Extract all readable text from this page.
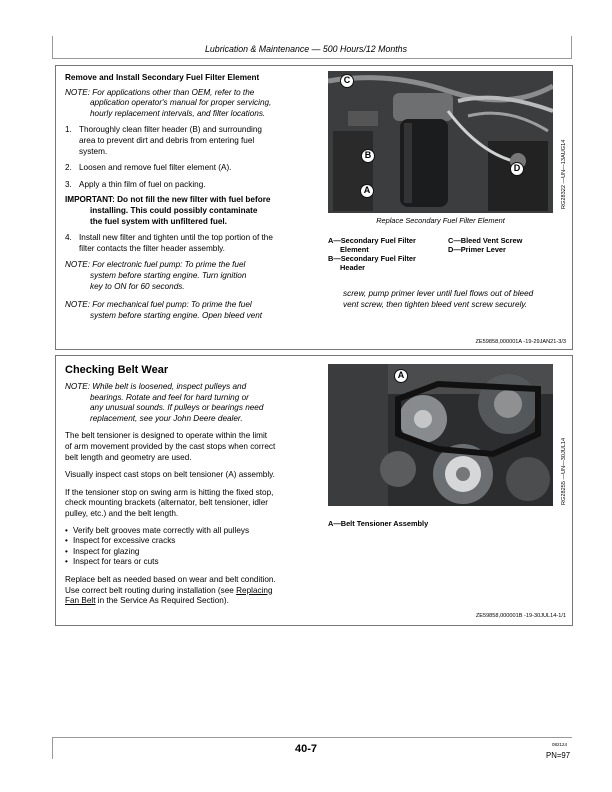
Lubrication & Maintenance — 500 Hours/12 Months

Remove and Install Secondary Fuel Filter Element

NOTE: For applications other than OEM, refer to the

application operator's manual for proper servicing,

hourly replacement intervals, and filter locations.

1. Thoroughly clean filter header (B) and surrounding

area to prevent dirt and debris from entering fuel

system.

2. Loosen and remove fuel filter element (A).

3. Apply a thin film of fuel on packing.

IMPORTANT: Do not fill the new filter with fuel before

installing. This could possibly contaminate

the fuel system with unfiltered fuel.

4. Install new filter and tighten until the top portion of the

filter contacts the filter header assembly.

NOTE: For electronic fuel pump: To prime the fuel

system before starting engine. Turn ignition

key to ON for 60 seconds.

NOTE: For mechanical fuel pump: To prime the fuel

system before starting engine. Open bleed vent

C
B
A
D	RG28322 —UN—13AUG14
Replace Secondary Fuel Filter Element
A—Secondary Fuel Filter
Element
B—Secondary Fuel Filter
Header
C—Bleed Vent Screw
D—Primer Lever

screw, pump primer lever until fuel flows out of bleed

vent screw, then tighten bleed vent screw securely.

ZE59858,000001A -19-29JAN21-3/3

Checking Belt Wear

NOTE: While belt is loosened, inspect pulleys and

bearings. Rotate and feel for hard turning or

any unusual sounds. If pulleys or bearings need

replacement, see your John Deere dealer.

The belt tensioner is designed to operate within the limit

of arm movement provided by the cast stops when correct

belt length and geometry are used.

Visually inspect cast stops on belt tensioner (A) assembly.

If the tensioner stop on swing arm is hitting the fixed stop,

check mounting brackets (alternator, belt tensioner, idler

pulley, etc.) and the belt length.

• Verify belt grooves mate correctly with all pulleys
• Inspect for excessive cracks
• Inspect for glazing
• Inspect for tears or cuts

Replace belt as needed based on wear and belt condition.

Use correct belt routing during installation (see Replacing

Fan Belt in the Service As Required Section).

A
RG28255 —UN—30JUL14
A—Belt Tensioner Assembly
ZE59858,000001B -19-30JUL14-1/1
40-7	082124
PN=97
